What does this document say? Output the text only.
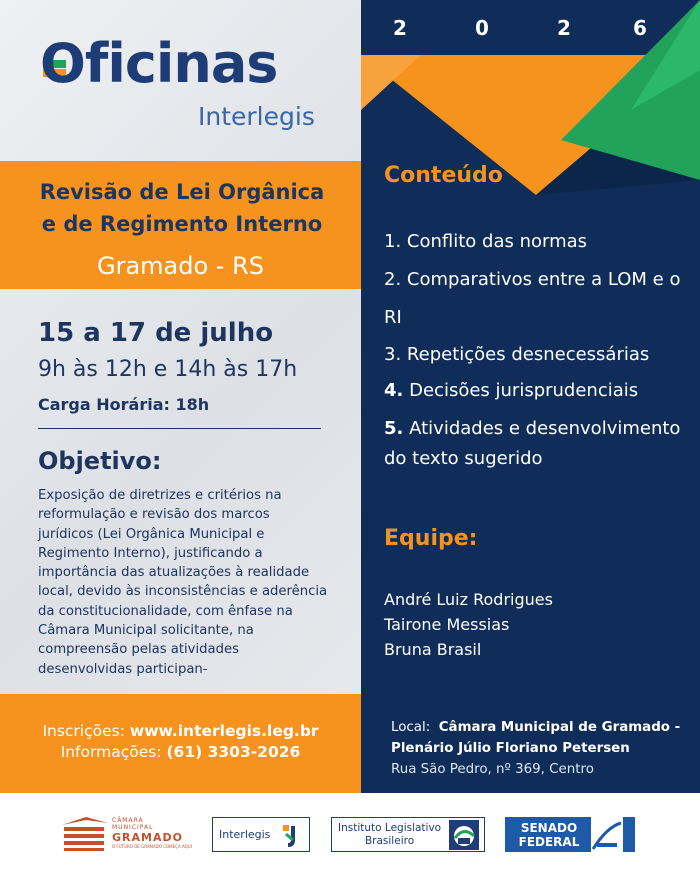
Oficinas
Interlegis
Revisão de Lei Orgânica
e de Regimento Interno
Gramado - RS
15 a 17 de julho
9h às 12h e 14h às 17h
Carga Horária: 18h
Objetivo:
Exposição de diretrizes e critérios na reformulação e revisão dos marcos jurídicos (Lei Orgânica Municipal e Regimento Interno), justificando a importância das atualizações à realidade local, devido às inconsistências e aderência da constitucionalidade, com ênfase na Câmara Municipal solicitante, na compreensão pelas atividades desenvolvidas participan-
2	0	2	6
Conteúdo
1. Conflito das normas
2. Comparativos entre a LOM e o RI
3. Repetições desnecessárias
4. Decisões jurisprudenciais
5. Atividades e desenvolvimento do texto sugerido
Equipe:
André Luiz Rodrigues
Tairone Messias
Bruna Brasil
Inscrições: www.interlegis.leg.br
Informações: (61) 3303-2026
Local: Câmara Municipal de Gramado -
Plenário Júlio Floriano Petersen
Rua São Pedro, nº 369, Centro
CÂMARA
MUNICIPAL
GRAMADO
O FUTURO DE GRAMADO COMEÇA AQUI
Interlegis
Instituto Legislativo
Brasileiro
SENADO
FEDERAL
